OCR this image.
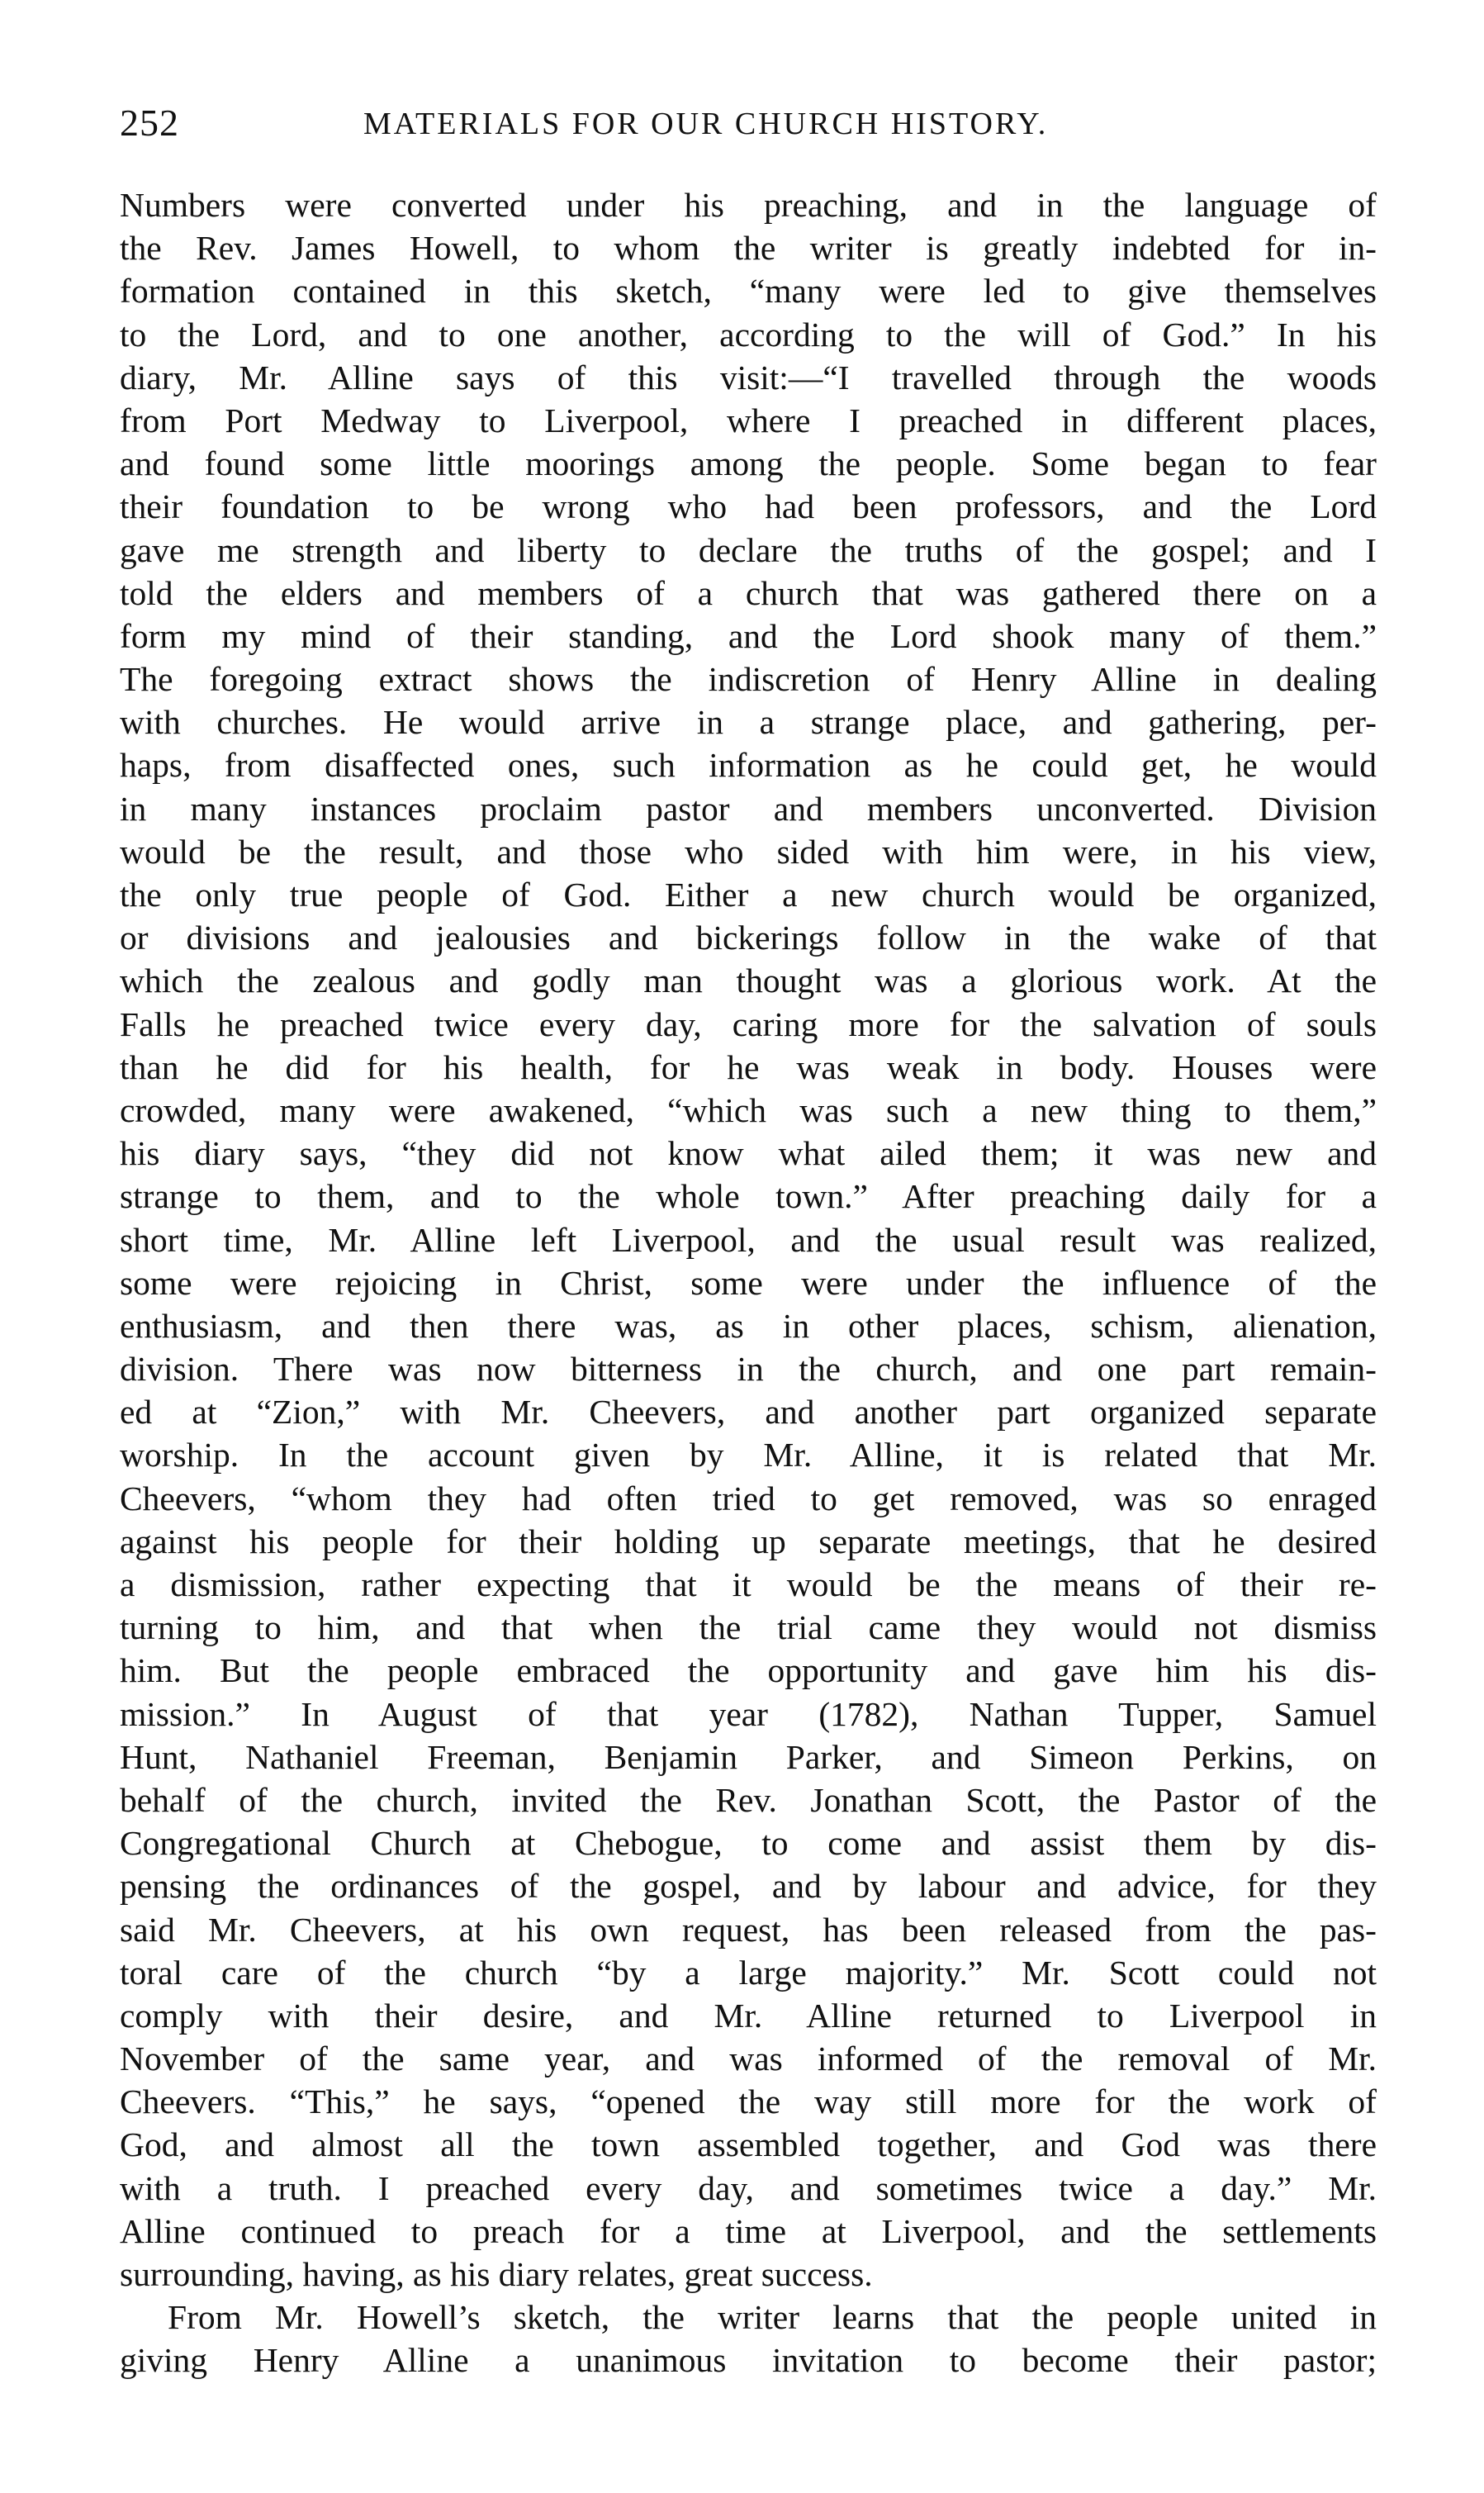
252	MATERIALS FOR OUR CHURCH HISTORY.
Numbers were converted under his preaching, and in the language of
the Rev. James Howell, to whom the writer is greatly indebted for in-
formation contained in this sketch, “many were led to give themselves
to the Lord, and to one another, according to the will of God.” In his
diary, Mr. Alline says of this visit:—“I travelled through the woods
from Port Medway to Liverpool, where I preached in different places,
and found some little moorings among the people. Some began to fear
their foundation to be wrong who had been professors, and the Lord
gave me strength and liberty to declare the truths of the gospel; and I
told the elders and members of a church that was gathered there on a
form my mind of their standing, and the Lord shook many of them.”
The foregoing extract shows the indiscretion of Henry Alline in dealing
with churches. He would arrive in a strange place, and gathering, per-
haps, from disaffected ones, such information as he could get, he would
in many instances proclaim pastor and members unconverted. Division
would be the result, and those who sided with him were, in his view,
the only true people of God. Either a new church would be organized,
or divisions and jealousies and bickerings follow in the wake of that
which the zealous and godly man thought was a glorious work. At the
Falls he preached twice every day, caring more for the salvation of souls
than he did for his health, for he was weak in body. Houses were
crowded, many were awakened, “which was such a new thing to them,”
his diary says, “they did not know what ailed them; it was new and
strange to them, and to the whole town.” After preaching daily for a
short time, Mr. Alline left Liverpool, and the usual result was realized,
some were rejoicing in Christ, some were under the influence of the
enthusiasm, and then there was, as in other places, schism, alienation,
division. There was now bitterness in the church, and one part remain-
ed at “Zion,” with Mr. Cheevers, and another part organized separate
worship. In the account given by Mr. Alline, it is related that Mr.
Cheevers, “whom they had often tried to get removed, was so enraged
against his people for their holding up separate meetings, that he desired
a dismission, rather expecting that it would be the means of their re-
turning to him, and that when the trial came they would not dismiss
him. But the people embraced the opportunity and gave him his dis-
mission.” In August of that year (1782), Nathan Tupper, Samuel
Hunt, Nathaniel Freeman, Benjamin Parker, and Simeon Perkins, on
behalf of the church, invited the Rev. Jonathan Scott, the Pastor of the
Congregational Church at Chebogue, to come and assist them by dis-
pensing the ordinances of the gospel, and by labour and advice, for they
said Mr. Cheevers, at his own request, has been released from the pas-
toral care of the church “by a large majority.” Mr. Scott could not
comply with their desire, and Mr. Alline returned to Liverpool in
November of the same year, and was informed of the removal of Mr.
Cheevers. “This,” he says, “opened the way still more for the work of
God, and almost all the town assembled together, and God was there
with a truth. I preached every day, and sometimes twice a day.” Mr.
Alline continued to preach for a time at Liverpool, and the settlements
surrounding, having, as his diary relates, great success.
From Mr. Howell’s sketch, the writer learns that the people united in
giving Henry Alline a unanimous invitation to become their pastor;
